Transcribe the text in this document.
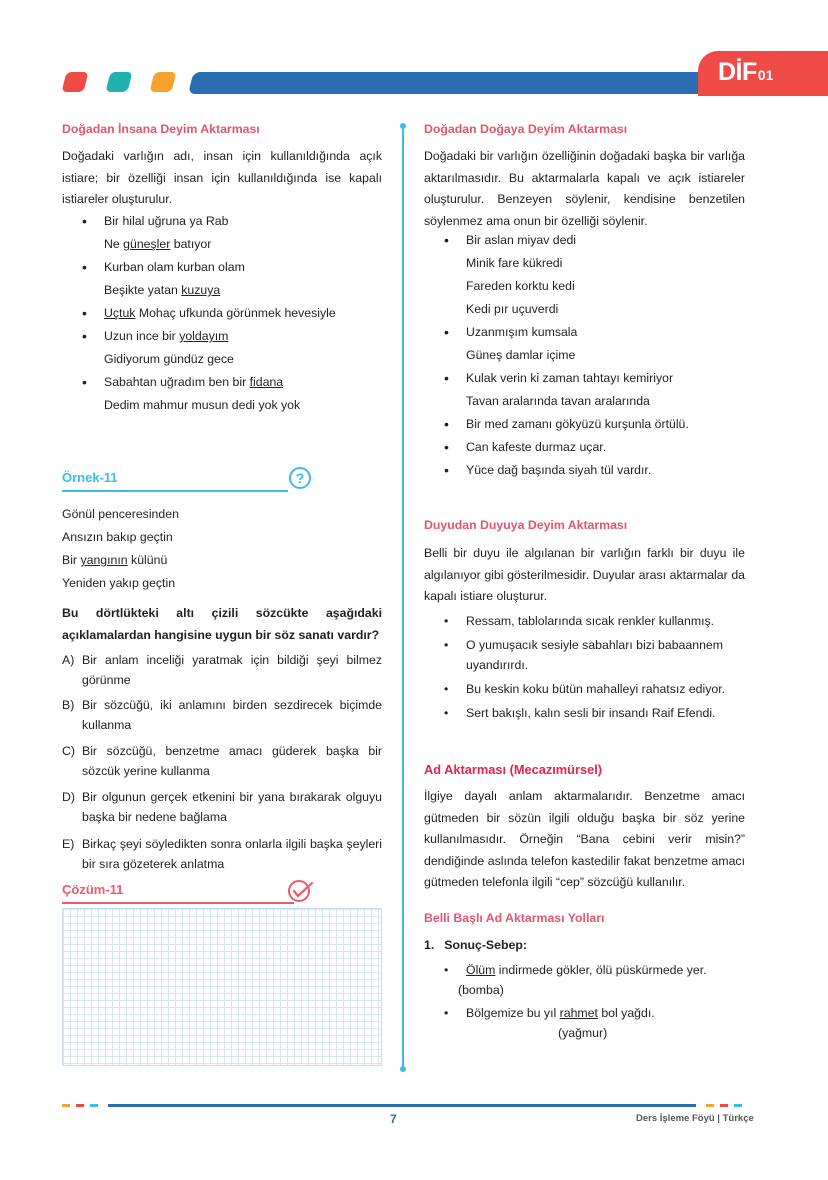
DİF01
Doğadan İnsana Deyim Aktarması
Doğadaki varlığın adı, insan için kullanıldığında açık istiare; bir özelliği insan için kullanıldığında ise kapalı istiareler oluşturulur.
• Bir hilal uğruna ya Rab
Ne güneşler batıyor
• Kurban olam kurban olam
Beşikte yatan kuzuya
• Uçtuk Mohaç ufkunda görünmek hevesiyle
• Uzun ince bir yoldayım
Gidiyorum gündüz gece
• Sabahtan uğradım ben bir fidana
Dedim mahmur musun dedi yok yok
Örnek-11	?
Gönül penceresinden
Ansızın bakıp geçtin
Bir yangının külünü
Yeniden yakıp geçtin
Bu dörtlükteki altı çizili sözcükte aşağıdaki açıklamalardan hangisine uygun bir söz sanatı vardır?
A) Bir anlam inceliği yaratmak için bildiği şeyi bilmez görünme
B) Bir sözcüğü, iki anlamını birden sezdirecek biçimde kullanma
C) Bir sözcüğü, benzetme amacı güderek başka bir sözcük yerine kullanma
D) Bir olgunun gerçek etkenini bir yana bırakarak olguyu başka bir nedene bağlama
E) Birkaç şeyi söyledikten sonra onlarla ilgili başka şeyleri bir sıra gözeterek anlatma
Çözüm-11
Doğadan Doğaya Deyim Aktarması
Doğadaki bir varlığın özelliğinin doğadaki başka bir varlığa aktarılmasıdır. Bu aktarmalarla kapalı ve açık istiareler oluşturulur. Benzeyen söylenir, kendisine benzetilen söylenmez ama onun bir özelliği söylenir.
• Bir aslan miyav dedi
Minik fare kükredi
Fareden korktu kedi
Kedi pır uçuverdi
• Uzanmışım kumsala
Güneş damlar içime
• Kulak verin ki zaman tahtayı kemiriyor
Tavan aralarında tavan aralarında
• Bir med zamanı gökyüzü kurşunla örtülü.
• Can kafeste durmaz uçar.
• Yüce dağ başında siyah tül vardır.
Duyudan Duyuya Deyim Aktarması
Belli bir duyu ile algılanan bir varlığın farklı bir duyu ile algılanıyor gibi gösterilmesidir. Duyular arası aktarmalar da kapalı istiare oluşturur.
• Ressam, tablolarında sıcak renkler kullanmış.
• O yumuşacık sesiyle sabahları bizi babaannem uyandırırdı.
• Bu keskin koku bütün mahalleyi rahatsız ediyor.
• Sert bakışlı, kalın sesli bir insandı Raif Efendi.
Ad Aktarması (Mecazımürsel)
İlgiye dayalı anlam aktarmalarıdır. Benzetme amacı gütmeden bir sözün ilgili olduğu başka bir söz yerine kullanılmasıdır. Örneğin “Bana cebini verir misin?” dendiğinde aslında telefon kastedilir fakat benzetme amacı gütmeden telefonla ilgili “cep” sözcüğü kullanılır.
Belli Başlı Ad Aktarması Yolları
1. Sonuç-Sebep:
• Ölüm indirmede gökler, ölü püskürmede yer.
(bomba)
• Bölgemize bu yıl rahmet bol yağdı.
(yağmur)
7	Ders İşleme Föyü | Türkçe
